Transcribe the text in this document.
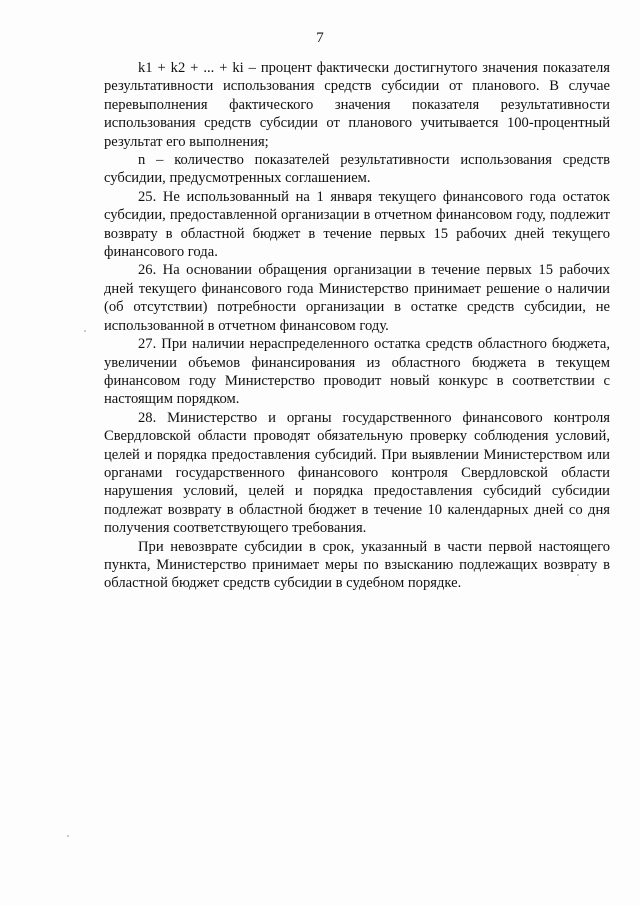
7

k1 + k2 + ... + ki – процент фактически достигнутого значения показателя результативности использования средств субсидии от планового. В случае перевыполнения фактического значения показателя результативности использования средств субсидии от планового учитывается 100-процентный результат его выполнения;

n – количество показателей результативности использования средств субсидии, предусмотренных соглашением.

25. Не использованный на 1 января текущего финансового года остаток субсидии, предоставленной организации в отчетном финансовом году, подлежит возврату в областной бюджет в течение первых 15 рабочих дней текущего финансового года.

26. На основании обращения организации в течение первых 15 рабочих дней текущего финансового года Министерство принимает решение о наличии (об отсутствии) потребности организации в остатке средств субсидии, не использованной в отчетном финансовом году.

27. При наличии нераспределенного остатка средств областного бюджета, увеличении объемов финансирования из областного бюджета в текущем финансовом году Министерство проводит новый конкурс в соответствии с настоящим порядком.

28. Министерство и органы государственного финансового контроля Свердловской области проводят обязательную проверку соблюдения условий, целей и порядка предоставления субсидий. При выявлении Министерством или органами государственного финансового контроля Свердловской области нарушения условий, целей и порядка предоставления субсидий субсидии подлежат возврату в областной бюджет в течение 10 календарных дней со дня получения соответствующего требования.

При невозврате субсидии в срок, указанный в части первой настоящего пункта, Министерство принимает меры по взысканию подлежащих возврату в областной бюджет средств субсидии в судебном порядке.
